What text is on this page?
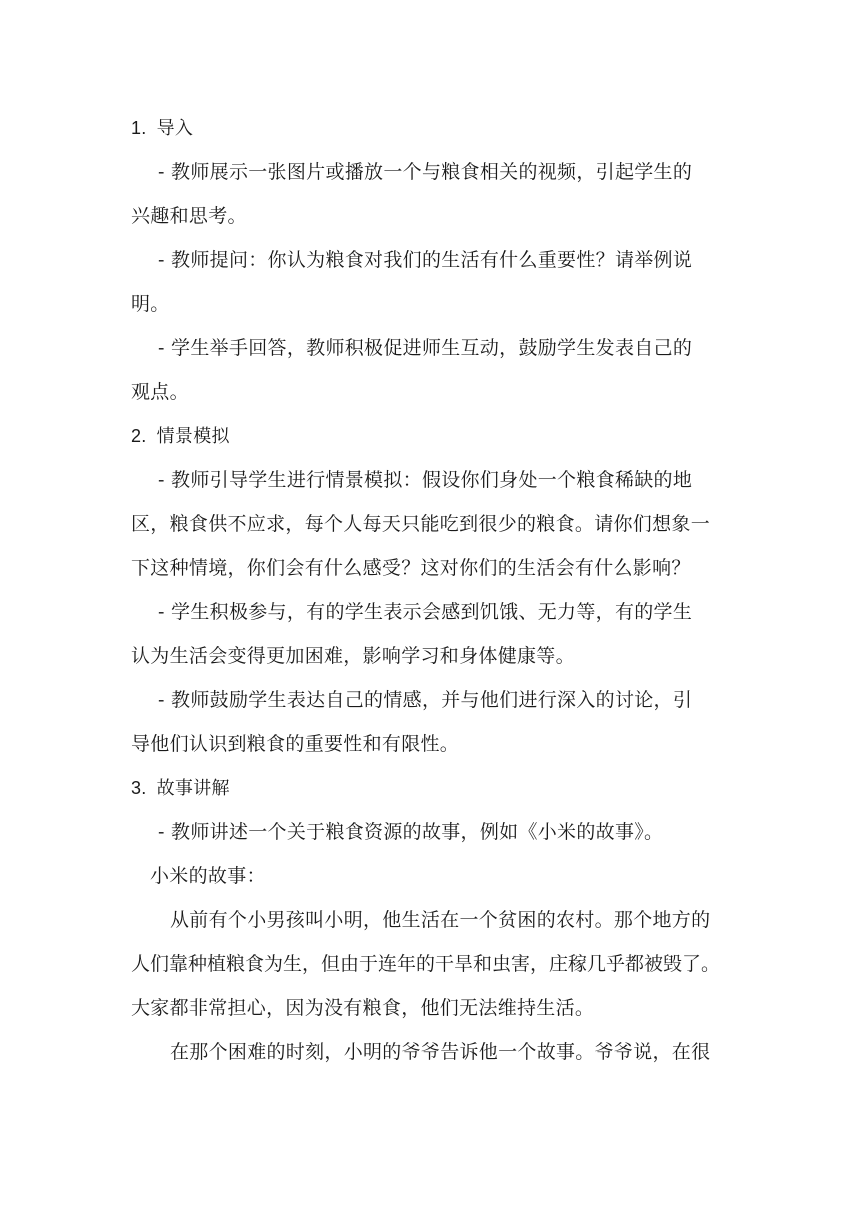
1. 导入
- 教师展示一张图片或播放一个与粮食相关的视频，引起学生的
兴趣和思考。
- 教师提问：你认为粮食对我们的生活有什么重要性？请举例说
明。
- 学生举手回答，教师积极促进师生互动，鼓励学生发表自己的
观点。
2. 情景模拟
- 教师引导学生进行情景模拟：假设你们身处一个粮食稀缺的地
区，粮食供不应求，每个人每天只能吃到很少的粮食。请你们想象一
下这种情境，你们会有什么感受？这对你们的生活会有什么影响？
- 学生积极参与，有的学生表示会感到饥饿、无力等，有的学生
认为生活会变得更加困难，影响学习和身体健康等。
- 教师鼓励学生表达自己的情感，并与他们进行深入的讨论，引
导他们认识到粮食的重要性和有限性。
3. 故事讲解
- 教师讲述一个关于粮食资源的故事，例如《小米的故事》。
小米的故事：
从前有个小男孩叫小明，他生活在一个贫困的农村。那个地方的
人们靠种植粮食为生，但由于连年的干旱和虫害，庄稼几乎都被毁了。
大家都非常担心，因为没有粮食，他们无法维持生活。
在那个困难的时刻，小明的爷爷告诉他一个故事。爷爷说，在很
